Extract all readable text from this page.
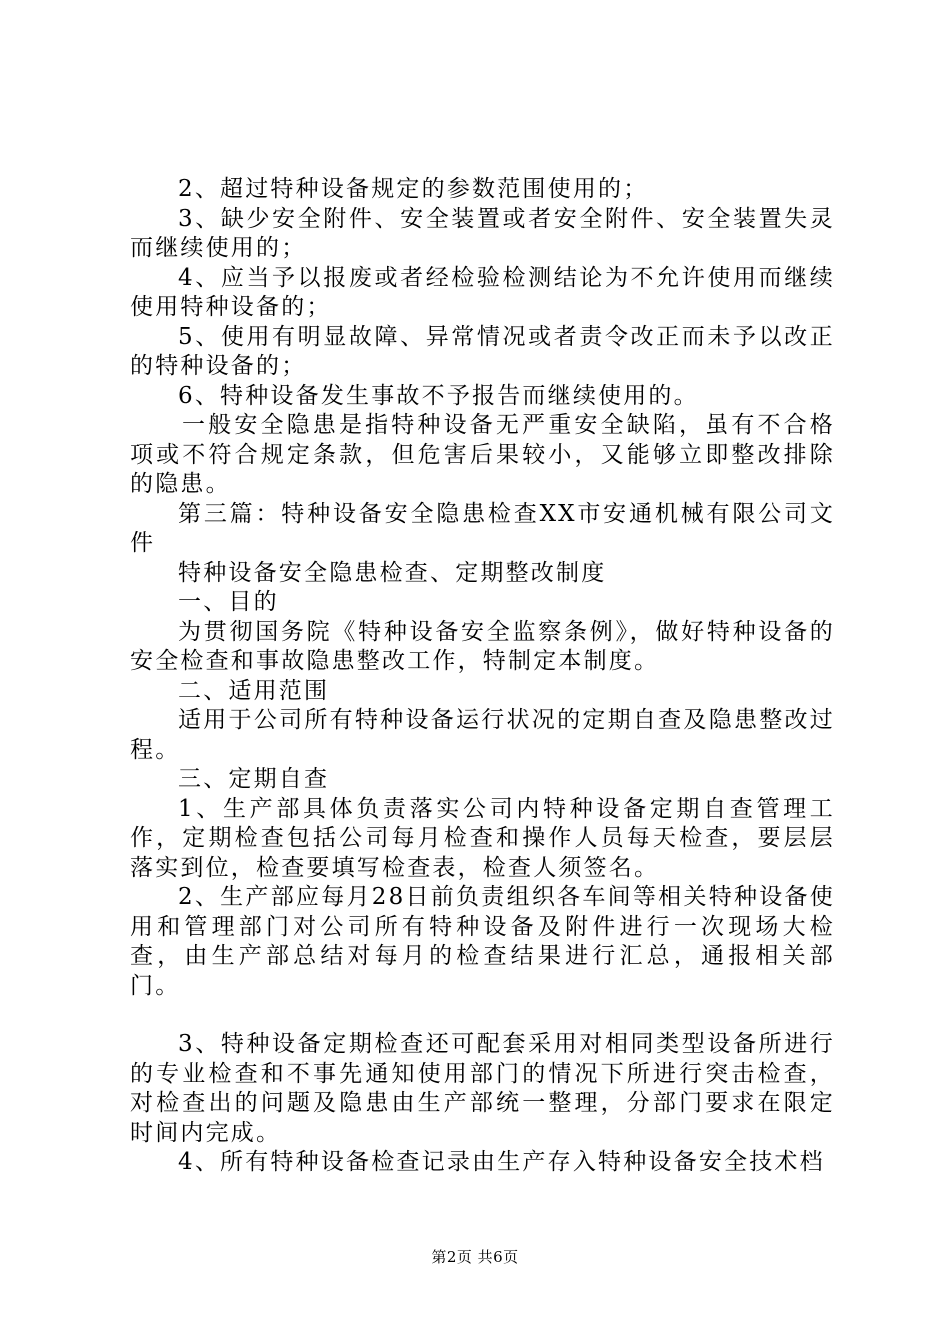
2、超过特种设备规定的参数范围使用的；

3、缺少安全附件、安全装置或者安全附件、安全装置失灵而继续使用的；

4、应当予以报废或者经检验检测结论为不允许使用而继续使用特种设备的；

5、使用有明显故障、异常情况或者责令改正而未予以改正的特种设备的；

6、特种设备发生事故不予报告而继续使用的。

一般安全隐患是指特种设备无严重安全缺陷，虽有不合格项或不符合规定条款，但危害后果较小，又能够立即整改排除的隐患。

第三篇：特种设备安全隐患检查XX市安通机械有限公司文件

特种设备安全隐患检查、定期整改制度

一、目的

为贯彻国务院《特种设备安全监察条例》，做好特种设备的安全检查和事故隐患整改工作，特制定本制度。

二、适用范围

适用于公司所有特种设备运行状况的定期自查及隐患整改过程。

三、定期自查

1、生产部具体负责落实公司内特种设备定期自查管理工作，定期检查包括公司每月检查和操作人员每天检查，要层层落实到位，检查要填写检查表，检查人须签名。

2、生产部应每月28日前负责组织各车间等相关特种设备使用和管理部门对公司所有特种设备及附件进行一次现场大检查，由生产部总结对每月的检查结果进行汇总，通报相关部门。

3、特种设备定期检查还可配套采用对相同类型设备所进行的专业检查和不事先通知使用部门的情况下所进行突击检查，对检查出的问题及隐患由生产部统一整理，分部门要求在限定时间内完成。

4、所有特种设备检查记录由生产存入特种设备安全技术档

第2页 共6页
